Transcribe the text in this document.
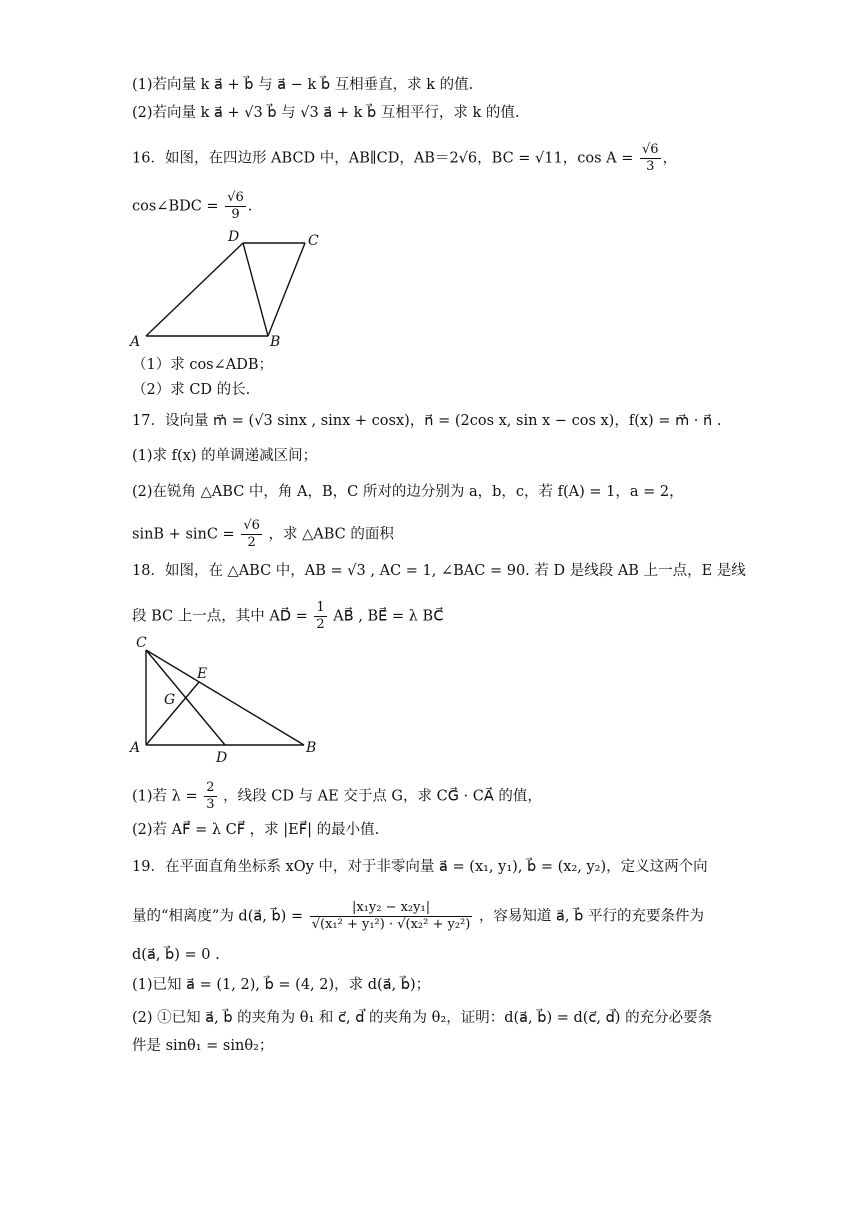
(1)若向量 k a⃗ + b⃗ 与 a⃗ − k b⃗ 互相垂直，求 k 的值.
(2)若向量 k a⃗ + √3 b⃗ 与 √3 a⃗ + k b⃗ 互相平行，求 k 的值.
16．如图，在四边形 ABCD 中，AB∥CD，AB＝2√6，BC = √11，$\cos A = \frac{√6}{3}$ ，
cos∠BDC = $\frac{√6}{9}$ .
A	B
C
D
（1）求 cos∠ADB；
（2）求 CD 的长.
17．设向量 m⃗ = (√3 sinx , sinx + cosx)，n⃗ = (2cos x, sin x − cos x)，f(x) = m⃗ · n⃗ .
(1)求 f(x) 的单调递减区间；
(2)在锐角 △ABC 中，角 A，B，C 所对的边分别为 a，b，c，若 f(A) = 1，a = 2，
$\sin B + \sin C = \frac{√6}{2}$ ，求 △ABC 的面积
18．如图，在 △ABC 中，AB = √3 , AC = 1, ∠BAC = 90. 若 D 是线段 AB 上一点，E 是线
段 BC 上一点，其中 AD⃗ = $\frac{1}{2}$ AB⃗ , BE⃗ = λ BC⃗
C
A	B
D
E
G
(1)若 $\lambda = \frac{2}{3}$ ，线段 CD 与 AE 交于点 G，求 CG⃗ · CA⃗ 的值，
(2)若 AF⃗ = λ CF⃗ ，求 |EF⃗| 的最小值.
19．在平面直角坐标系 xOy 中，对于非零向量 a⃗ = (x₁, y₁), b⃗ = (x₂, y₂)，定义这两个向
量的“相离度”为 d(a⃗, b⃗) = $\frac{\text{|x₁y₂ − x₂y₁|}}{\text{√(x₁² + y₁²) · √(x₂² + y₂²)}}$ ，容易知道 a⃗, b⃗ 平行的充要条件为
d(a⃗, b⃗) = 0 .
(1)已知 a⃗ = (1, 2), b⃗ = (4, 2)，求 d(a⃗, b⃗)；
(2) ①已知 a⃗, b⃗ 的夹角为 θ₁ 和 c⃗, d⃗ 的夹角为 θ₂，证明：d(a⃗, b⃗) = d(c⃗, d⃗) 的充分必要条
件是 sinθ₁ = sinθ₂；
